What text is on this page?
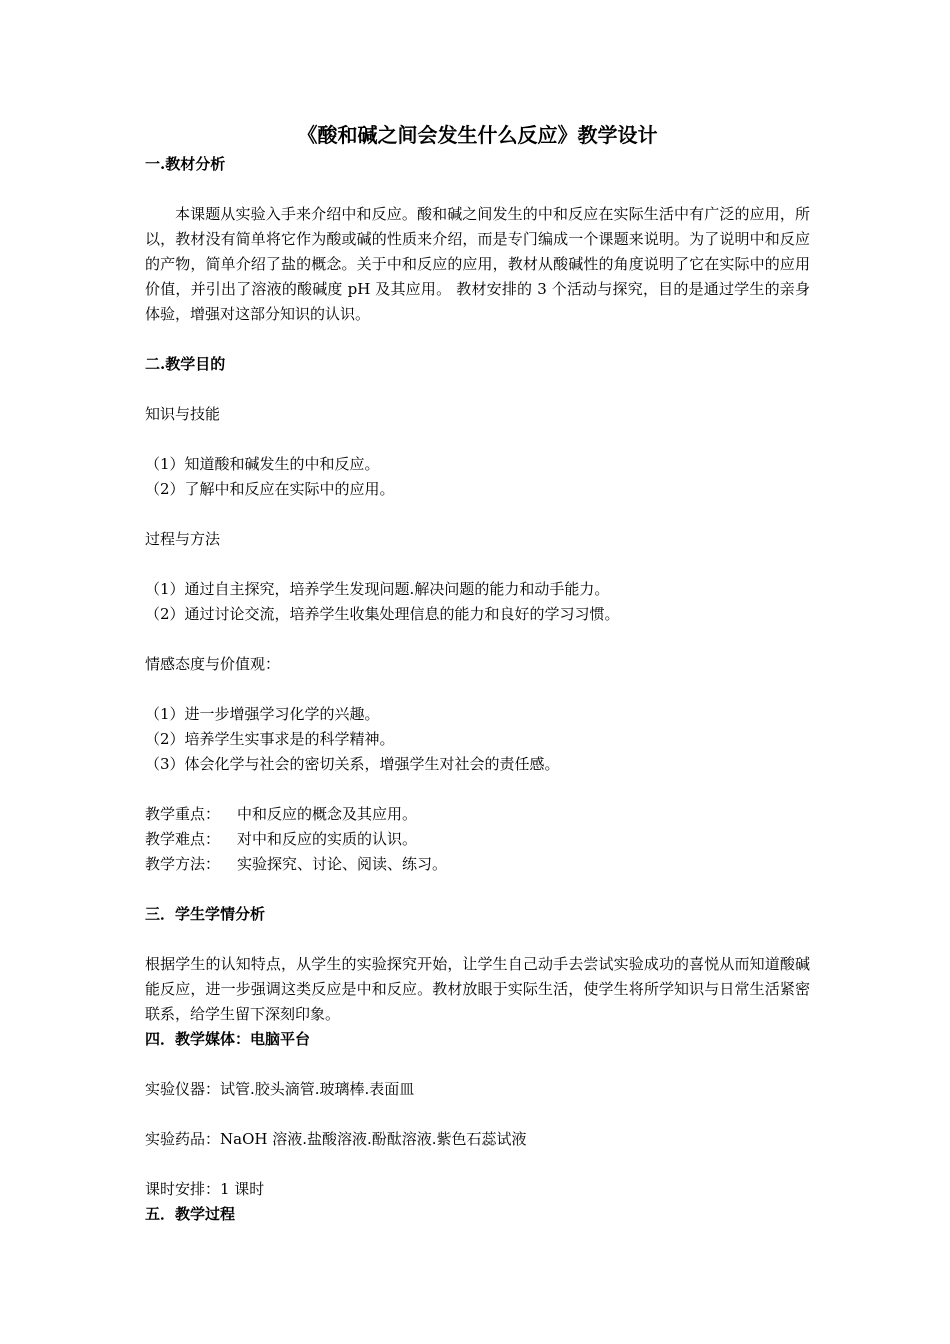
《酸和碱之间会发生什么反应》教学设计
一.教材分析
本课题从实验入手来介绍中和反应。酸和碱之间发生的中和反应在实际生活中有广泛的应用，所以，教材没有简单将它作为酸或碱的性质来介绍，而是专门编成一个课题来说明。为了说明中和反应的产物，简单介绍了盐的概念。关于中和反应的应用，教材从酸碱性的角度说明了它在实际中的应用价值，并引出了溶液的酸碱度 pH 及其应用。 教材安排的 3 个活动与探究，目的是通过学生的亲身体验，增强对这部分知识的认识。
二.教学目的
知识与技能
（1）知道酸和碱发生的中和反应。
（2）了解中和反应在实际中的应用。
过程与方法
（1）通过自主探究，培养学生发现问题.解决问题的能力和动手能力。
（2）通过讨论交流，培养学生收集处理信息的能力和良好的学习习惯。
情感态度与价值观：
（1）进一步增强学习化学的兴趣。
（2）培养学生实事求是的科学精神。
（3）体会化学与社会的密切关系，增强学生对社会的责任感。
教学重点： 中和反应的概念及其应用。
教学难点： 对中和反应的实质的认识。
教学方法： 实验探究、讨论、阅读、练习。
三．学生学情分析
根据学生的认知特点，从学生的实验探究开始，让学生自己动手去尝试实验成功的喜悦从而知道酸碱能反应，进一步强调这类反应是中和反应。教材放眼于实际生活，使学生将所学知识与日常生活紧密联系，给学生留下深刻印象。
四．教学媒体：电脑平台
实验仪器：试管.胶头滴管.玻璃棒.表面皿
实验药品：NaOH 溶液.盐酸溶液.酚酞溶液.紫色石蕊试液
课时安排：1 课时
五．教学过程
